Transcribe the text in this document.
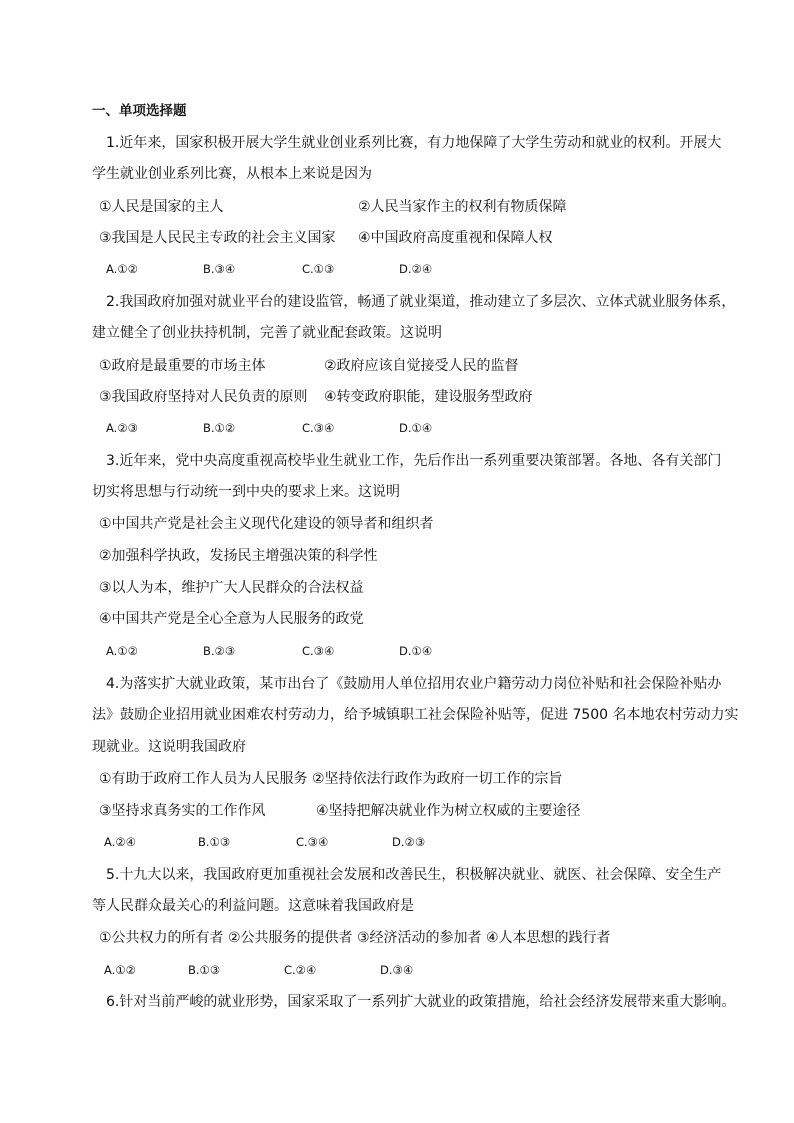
一、单项选择题
1.近年来，国家积极开展大学生就业创业系列比赛，有力地保障了大学生劳动和就业的权利。开展大
学生就业创业系列比赛，从根本上来说是因为
①人民是国家的主人	②人民当家作主的权利有物质保障
③我国是人民民主专政的社会主义国家 ④中国政府高度重视和保障人权
A.①②	B.③④	C.①③	D.②④
2.我国政府加强对就业平台的建设监管，畅通了就业渠道，推动建立了多层次、立体式就业服务体系，
建立健全了创业扶持机制，完善了就业配套政策。这说明
①政府是最重要的市场主体	②政府应该自觉接受人民的监督
③我国政府坚持对人民负责的原则 ④转变政府职能，建设服务型政府
A.②③	B.①②	C.③④	D.①④
3.近年来，党中央高度重视高校毕业生就业工作，先后作出一系列重要决策部署。各地、各有关部门
切实将思想与行动统一到中央的要求上来。这说明
①中国共产党是社会主义现代化建设的领导者和组织者
②加强科学执政，发扬民主增强决策的科学性
③以人为本，维护广大人民群众的合法权益
④中国共产党是全心全意为人民服务的政党
A.①②	B.②③	C.③④	D.①④
4.为落实扩大就业政策，某市出台了《鼓励用人单位招用农业户籍劳动力岗位补贴和社会保险补贴办
法》鼓励企业招用就业困难农村劳动力，给予城镇职工社会保险补贴等，促进 7500 名本地农村劳动力实
现就业。这说明我国政府
①有助于政府工作人员为人民服务 ②坚持依法行政作为政府一切工作的宗旨
③坚持求真务实的工作作风	④坚持把解决就业作为树立权威的主要途径
A.②④	B.①③	C.③④	D.②③
5.十九大以来，我国政府更加重视社会发展和改善民生，积极解决就业、就医、社会保障、安全生产
等人民群众最关心的利益问题。这意味着我国政府是
①公共权力的所有者 ②公共服务的提供者 ③经济活动的参加者 ④人本思想的践行者
A.①②	B.①③	C.②④	D.③④
6.针对当前严峻的就业形势，国家采取了一系列扩大就业的政策措施，给社会经济发展带来重大影响。
